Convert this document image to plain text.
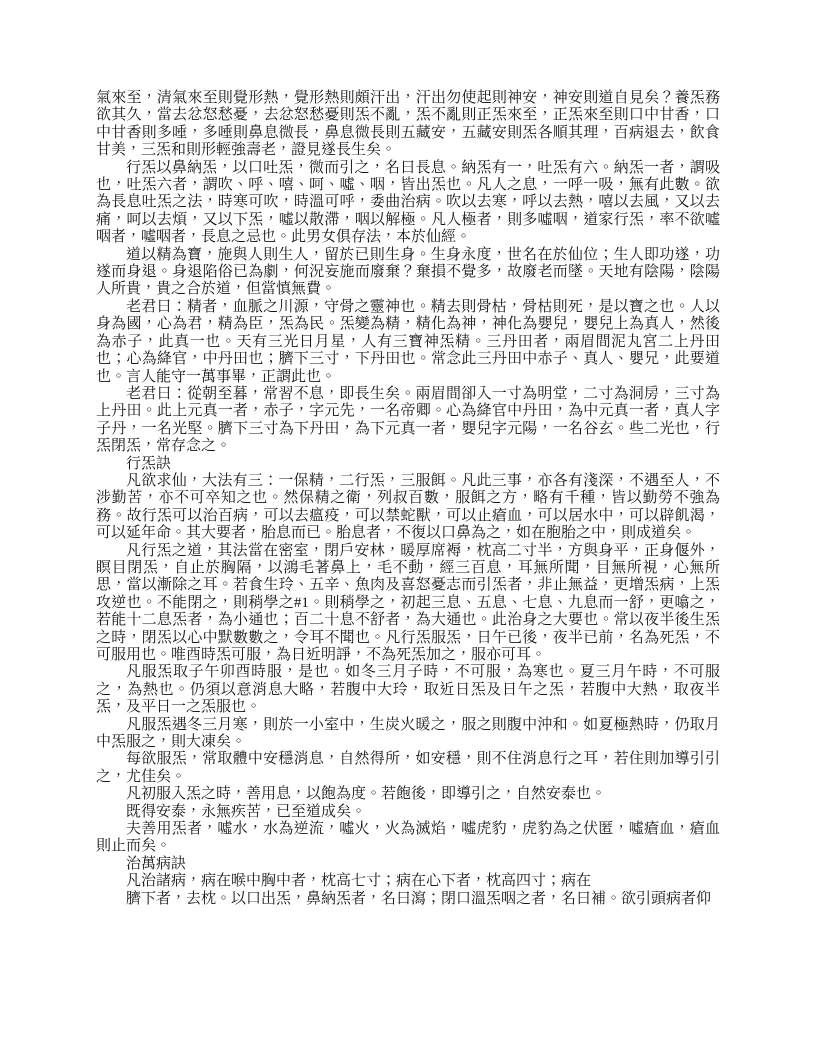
氣來至，清氣來至則覺形熱，覺形熱則頗汗出，汗出勿使起則神安，神安則道自見矣？養炁務欲其久，當去忿怒愁憂，去忿怒愁憂則炁不亂，炁不亂則正炁來至，正炁來至則口中甘香，口中甘香則多唾，多唾則鼻息微長，鼻息微長則五藏安，五藏安則炁各順其理，百病退去，飲食甘美，三炁和則形輕強壽老，證見遂長生矣。

行炁以鼻納炁，以口吐炁，微而引之，名曰長息。納炁有一，吐炁有六。納炁一者，謂吸也，吐炁六者，謂吹、呼、嘻、呵、噓、咽，皆出炁也。凡人之息，一呼一吸，無有此數。欲為長息吐炁之法，時寒可吹，時溫可呼，委曲治病。吹以去寒，呼以去熱，嘻以去風，又以去痛，呵以去煩，又以下炁，噓以散滯，咽以解極。凡人極者，則多噓咽，道家行炁，率不欲噓咽者，噓咽者，長息之忌也。此男女俱存法，本於仙經。

道以精為寶，施與人則生人，留於已則生身。生身永度，世名在於仙位；生人即功遂，功遂而身退。身退陷俗已為劇，何況妄施而廢棄？棄損不覺多，故廢老而墜。天地有陰陽，陰陽人所貴，貴之合於道，但當慎無費。

老君曰：精者，血脈之川源，守骨之靈神也。精去則骨枯，骨枯則死，是以寶之也。人以身為國，心為君，精為臣，炁為民。炁變為精，精化為神，神化為嬰兒，嬰兒上為真人，然後為赤子，此真一也。天有三光日月星，人有三寶神炁精。三丹田者，兩眉間泥丸宮二上丹田也；心為絳官，中丹田也；臍下三寸，下丹田也。常念此三丹田中赤子、真人、嬰兄，此要道也。言人能守一萬事畢，正謂此也。

老君曰：從朝至暮，常習不息，即長生矣。兩眉間卻入一寸為明堂，二寸為洞房，三寸為上丹田。此上元真一者，赤子，字元先，一名帝卿。心為絳官中丹田，為中元真一者，真人字子丹，一名光堅。臍下三寸為下丹田，為下元真一者，嬰兒字元陽，一名谷玄。些二光也，行炁閉炁，常存念之。

行炁訣

凡欲求仙，大法有三：一保精，二行炁，三服餌。凡此三事，亦各有淺深，不遇至人，不涉勤苦，亦不可卒知之也。然保精之衛，列叔百數，服餌之方，略有千種，皆以勤勞不強為務。故行炁可以治百病，可以去瘟疫，可以禁蛇獸，可以止瘡血，可以居水中，可以辟飢渴，可以延年命。其大要者，胎息而已。胎息者，不復以口鼻為之，如在胞胎之中，則成道矣。

凡行炁之道，其法當在密室，閉戶安林，暖厚席褥，枕高二寸半，方與身平，正身偃外，瞑目閉炁，自止於胸隔，以鴻毛著鼻上，毛不動，經三百息，耳無所聞，目無所視，心無所思，當以漸除之耳。若食生玲、五辛、魚肉及喜怒憂志而引炁者，非止無益，更增炁病，上炁攻逆也。不能閉之，則稍學之#1。則稍學之，初起三息、五息、七息、九息而一舒，更噏之，若能十二息炁者，為小通也；百二十息不舒者，為大通也。此治身之大要也。常以夜半後生炁之時，閉炁以心中默數數之，令耳不聞也。凡行炁服炁，日午已後，夜半已前，名為死炁，不可服用也。唯酉時炁可服，為日近明諍，不為死炁加之，服亦可耳。

凡服炁取子午卯酉時服，是也。如冬三月子時，不可服，為寒也。夏三月午時，不可服之，為熱也。仍須以意消息大略，若腹中大玲，取近日炁及日午之炁，若腹中大熱，取夜半炁，及平日一之炁服也。

凡服炁遇冬三月寒，則於一小室中，生炭火暖之，服之則腹中沖和。如夏極熱時，仍取月中炁服之，則大凍矣。

每欲服炁，常取體中安穩消息，自然得所，如安穩，則不住消息行之耳，若住則加導引引之，尤佳矣。

凡初服入炁之時，善用息，以飽為度。若飽後，即導引之，自然安泰也。

既得安泰，永無疾苦，已至道成矣。

夫善用炁者，噓水，水為逆流，噓火，火為滅焰，噓虎豹，虎豹為之伏匿，噓瘡血，瘡血則止而矣。

治萬病訣

凡治諸病，病在喉中胸中者，枕高七寸；病在心下者，枕高四寸；病在

臍下者，去枕。以口出炁，鼻納炁者，名曰瀉；閉口溫炁咽之者，名曰補。欲引頭病者仰
